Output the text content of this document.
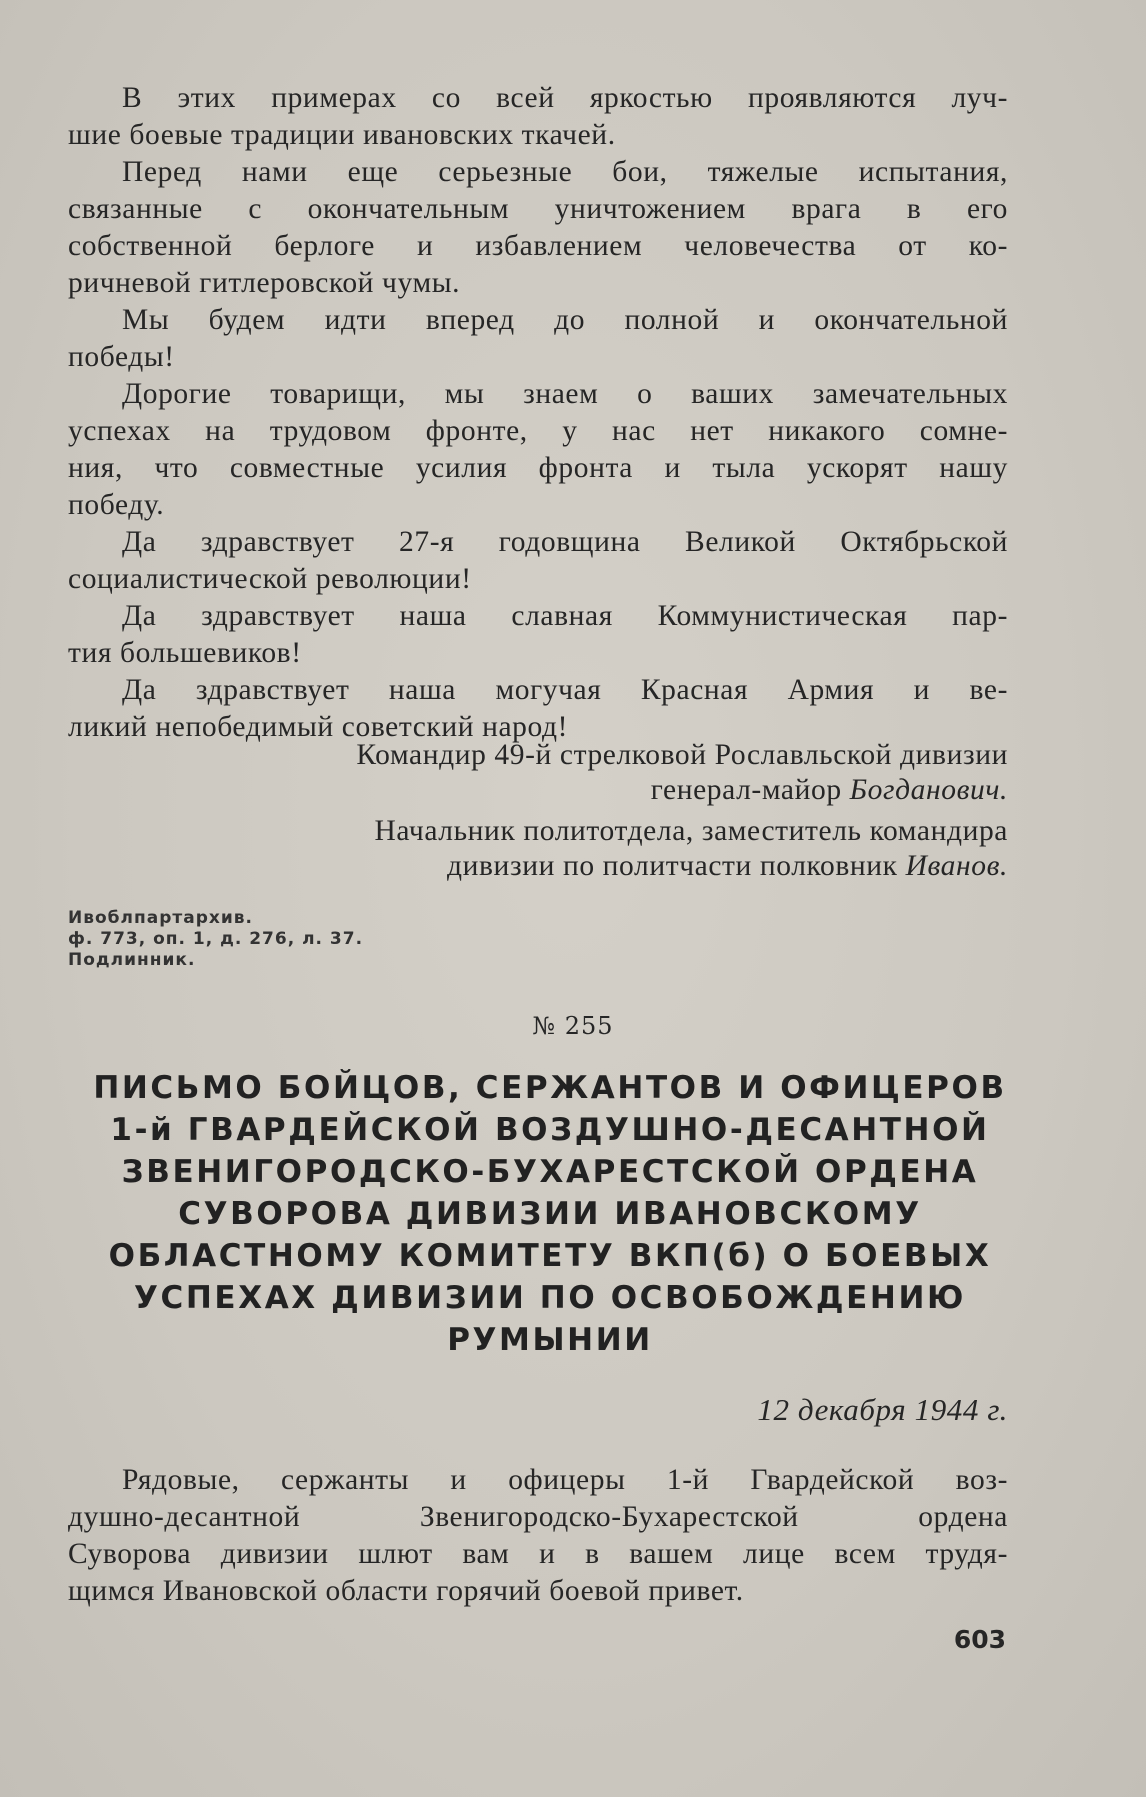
В этих примерах со всей яркостью проявляются луч-
шие боевые традиции ивановских ткачей.

Перед нами еще серьезные бои, тяжелые испытания,
связанные с окончательным уничтожением врага в его
собственной берлоге и избавлением человечества от ко-
ричневой гитлеровской чумы.

Мы будем идти вперед до полной и окончательной
победы!

Дорогие товарищи, мы знаем о ваших замечательных
успехах на трудовом фронте, у нас нет никакого сомне-
ния, что совместные усилия фронта и тыла ускорят нашу
победу.

Да здравствует 27-я годовщина Великой Октябрьской
социалистической революции!

Да здравствует наша славная Коммунистическая пар-
тия большевиков!

Да здравствует наша могучая Красная Армия и ве-
ликий непобедимый советский народ!

Командир 49-й стрелковой Рославльской дивизии
генерал-майор Богданович.
Начальник политотдела, заместитель командира
дивизии по политчасти полковник Иванов.
Ивоблпартархив.
ф. 773, оп. 1, д. 276, л. 37.
Подлинник.
№ 255
ПИСЬМО БОЙЦОВ, СЕРЖАНТОВ И ОФИЦЕРОВ
1-й ГВАРДЕЙСКОЙ ВОЗДУШНО-ДЕСАНТНОЙ
ЗВЕНИГОРОДСКО-БУХАРЕСТСКОЙ ОРДЕНА
СУВОРОВА ДИВИЗИИ ИВАНОВСКОМУ
ОБЛАСТНОМУ КОМИТЕТУ ВКП(б) О БОЕВЫХ
УСПЕХАХ ДИВИЗИИ ПО ОСВОБОЖДЕНИЮ
РУМЫНИИ
12 декабря 1944 г.

Рядовые, сержанты и офицеры 1-й Гвардейской воз-
душно-десантной Звенигородско-Бухарестской ордена
Суворова дивизии шлют вам и в вашем лице всем трудя-
щимся Ивановской области горячий боевой привет.

603
